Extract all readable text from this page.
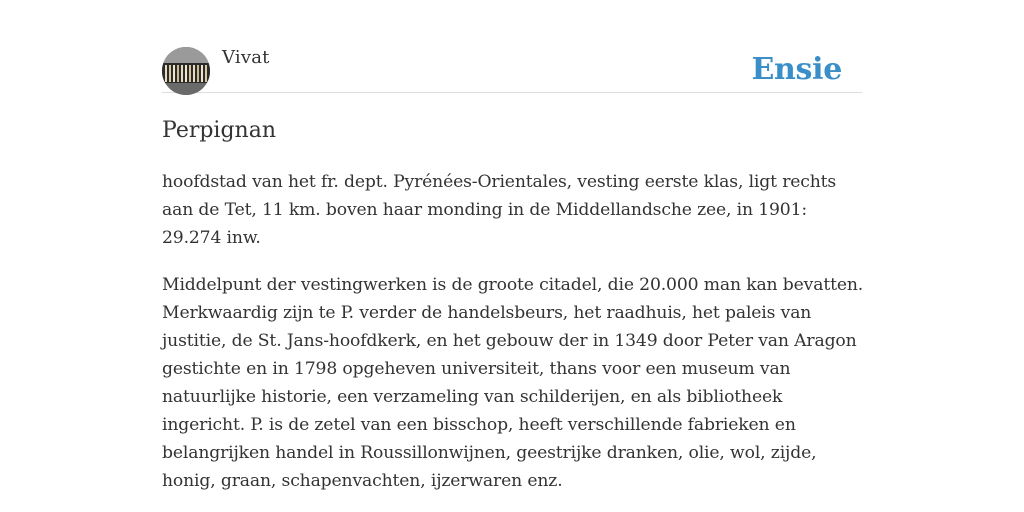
Vivat	Ensie
Perpignan

hoofdstad van het fr. dept. Pyrénées-Orientales, vesting eerste klas, ligt rechts aan de Tet, 11 km. boven haar monding in de Middellandsche zee, in 1901: 29.274 inw.

Middelpunt der vestingwerken is de groote citadel, die 20.000 man kan bevatten. Merkwaardig zijn te P. verder de handelsbeurs, het raadhuis, het paleis van justitie, de St. Jans-hoofdkerk, en het gebouw der in 1349 door Peter van Aragon gestichte en in 1798 opgeheven universiteit, thans voor een museum van natuurlijke historie, een verzameling van schilderijen, en als bibliotheek ingericht. P. is de zetel van een bisschop, heeft verschillende fabrieken en belangrijken handel in Roussillonwijnen, geestrijke dranken, olie, wol, zijde, honig, graan, schapenvachten, ijzerwaren enz.
